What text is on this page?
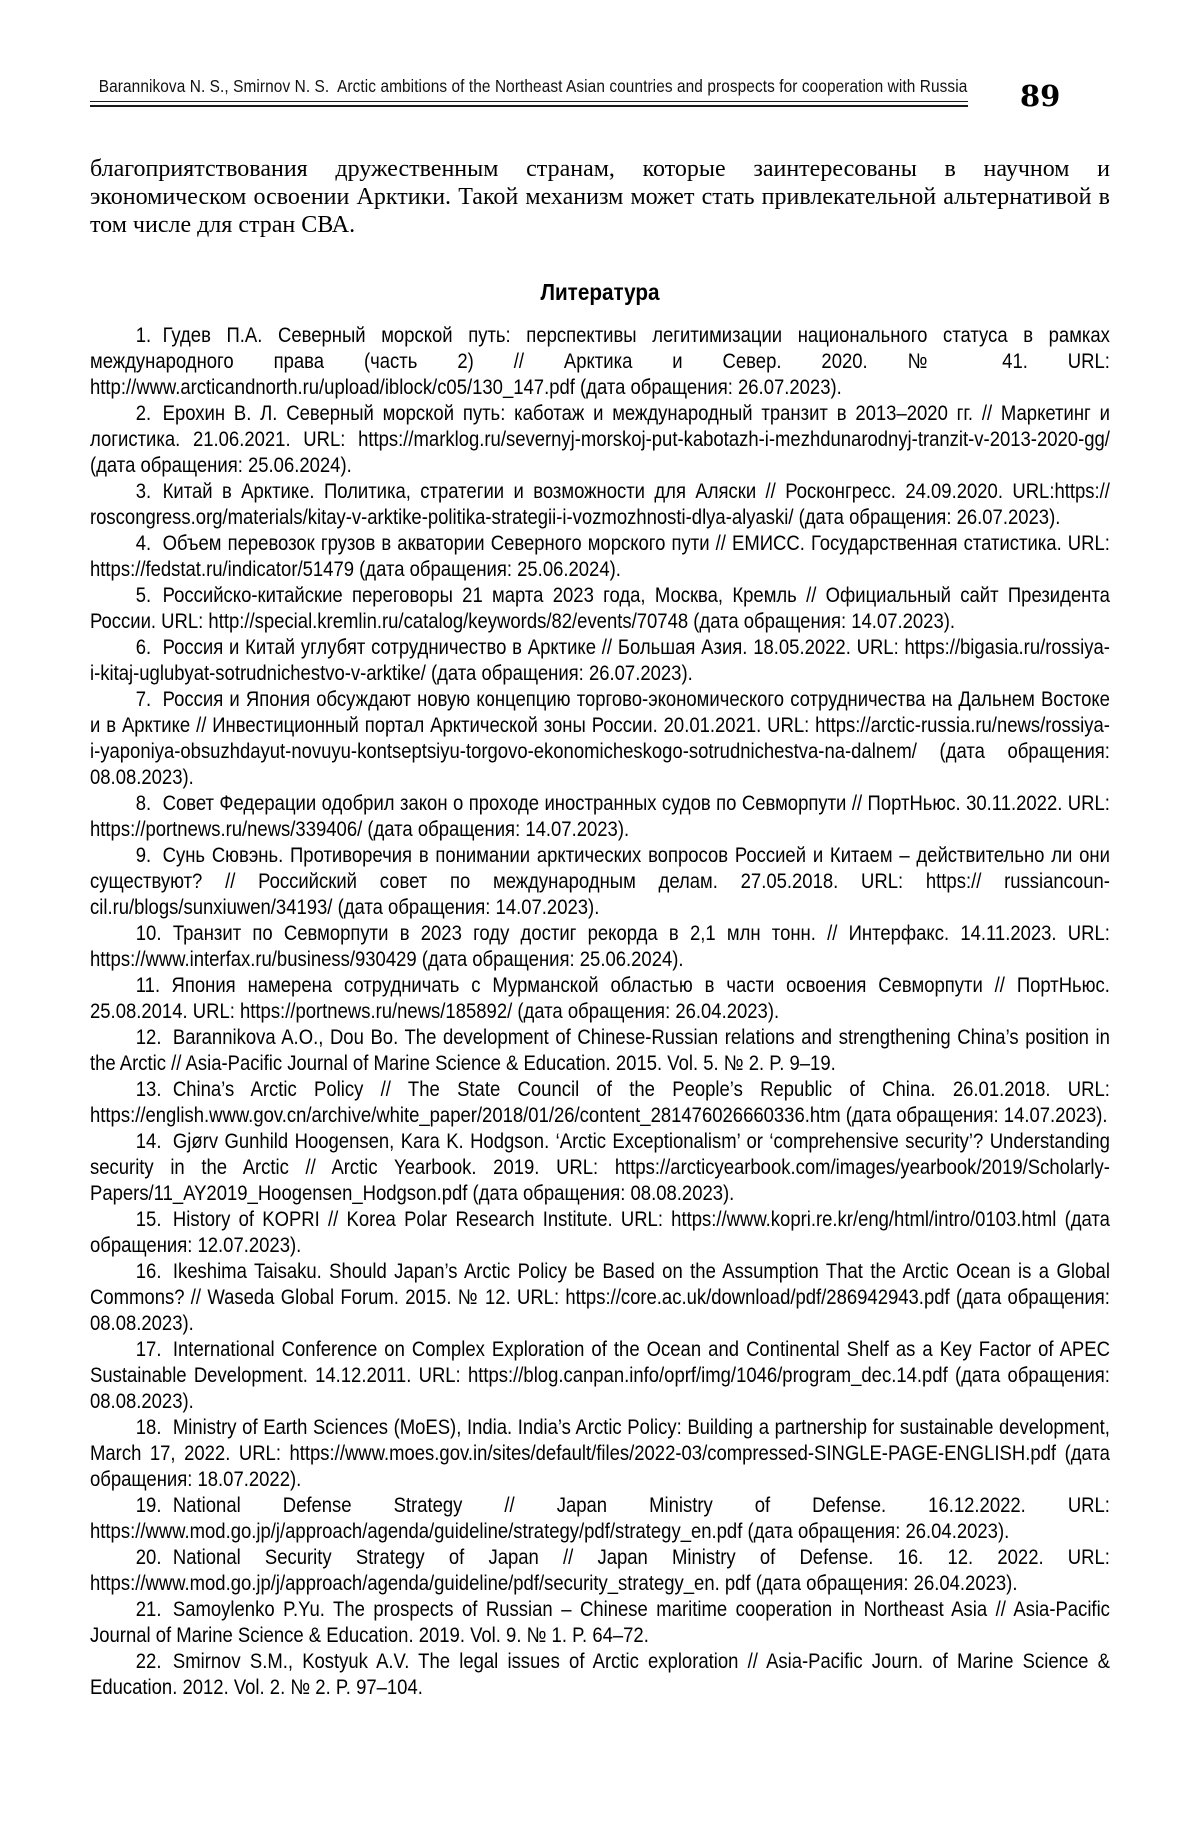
Barannikova N. S., Smirnov N. S. Arctic ambitions of the Northeast Asian countries and prospects for cooperation with Russia 89

благоприятствования дружественным странам, которые заинтересованы в научном и экономическом освоении Арктики. Такой механизм может стать привлекательной альтернативой в том числе для стран СВА.

Литература

1. Гудев П.А. Северный морской путь: перспективы легитимизации национального статуса в рамках международного права (часть 2) // Арктика и Север. 2020. № 41. URL: http://www.arcticandnorth.ru/upload/iblock/c05/130_147.pdf (дата обращения: 26.07.2023).

2. Ерохин В. Л. Северный морской путь: каботаж и международный транзит в 2013–2020 гг. // Маркетинг и логистика. 21.06.2021. URL: https://marklog.ru/severnyj-morskoj-put-kabotazh-i-mezhdunarodnyj-tranzit-v-2013-2020-gg/ (дата обращения: 25.06.2024).

3. Китай в Арктике. Политика, стратегии и возможности для Аляски // Росконгресс. 24.09.2020. URL:https:// roscongress.org/materials/kitay-v-arktike-politika-strategii-i-vozmozhnosti-dlya-alyaski/ (дата обращения: 26.07.2023).

4. Объем перевозок грузов в акватории Северного морского пути // ЕМИСС. Государственная статистика. URL: https://fedstat.ru/indicator/51479 (дата обращения: 25.06.2024).

5. Российско-китайские переговоры 21 марта 2023 года, Москва, Кремль // Официальный сайт Президента России. URL: http://special.kremlin.ru/catalog/keywords/82/events/70748 (дата обращения: 14.07.2023).

6. Россия и Китай углубят сотрудничество в Арктике // Большая Азия. 18.05.2022. URL: https://bigasia.ru/rossiya-i-kitaj-uglubyat-sotrudnichestvo-v-arktike/ (дата обращения: 26.07.2023).

7. Россия и Япония обсуждают новую концепцию торгово-экономического сотрудничества на Дальнем Востоке и в Арктике // Инвестиционный портал Арктической зоны России. 20.01.2021. URL: https://arctic-russia.ru/news/rossiya-i-yaponiya-obsuzhdayut-novuyu-kontseptsiyu-torgovo-ekonomicheskogo-sotrudnichestva-na-dalnem/ (дата обращения: 08.08.2023).

8. Совет Федерации одобрил закон о проходе иностранных судов по Севморпути // ПортНьюс. 30.11.2022. URL: https://portnews.ru/news/339406/ (дата обращения: 14.07.2023).

9. Сунь Сювэнь. Противоречия в понимании арктических вопросов Россией и Китаем – действительно ли они существуют? // Российский совет по международным делам. 27.05.2018. URL: https:// russiancoun-cil.ru/blogs/sunxiuwen/34193/ (дата обращения: 14.07.2023).

10. Транзит по Севморпути в 2023 году достиг рекорда в 2,1 млн тонн. // Интерфакс. 14.11.2023. URL: https://www.interfax.ru/business/930429 (дата обращения: 25.06.2024).

11. Япония намерена сотрудничать с Мурманской областью в части освоения Севморпути // ПортНьюс. 25.08.2014. URL: https://portnews.ru/news/185892/ (дата обращения: 26.04.2023).

12. Barannikova A.O., Dou Bo. The development of Chinese-Russian relations and strengthening China’s position in the Arctic // Asia-Pacific Journal of Marine Science & Education. 2015. Vol. 5. № 2. P. 9–19.

13. China’s Arctic Policy // The State Council of the People’s Republic of China. 26.01.2018. URL: https://english.www.gov.cn/archive/white_paper/2018/01/26/content_281476026660336.htm (дата обращения: 14.07.2023).

14. Gjørv Gunhild Hoogensen, Kara K. Hodgson. ‘Arctic Exceptionalism’ or ‘comprehensive security’? Understanding security in the Arctic // Arctic Yearbook. 2019. URL: https://arcticyearbook.com/images/yearbook/2019/Scholarly-Papers/11_AY2019_Hoogensen_Hodgson.pdf (дата обращения: 08.08.2023).

15. History of KOPRI // Korea Polar Research Institute. URL: https://www.kopri.re.kr/eng/html/intro/0103.html (дата обращения: 12.07.2023).

16. Ikeshima Taisaku. Should Japan’s Arctic Policy be Based on the Assumption That the Arctic Ocean is a Global Commons? // Waseda Global Forum. 2015. № 12. URL: https://core.ac.uk/download/pdf/286942943.pdf (дата обращения: 08.08.2023).

17. International Conference on Complex Exploration of the Ocean and Continental Shelf as a Key Factor of APEC Sustainable Development. 14.12.2011. URL: https://blog.canpan.info/oprf/img/1046/program_dec.14.pdf (дата обращения: 08.08.2023).

18. Ministry of Earth Sciences (MoES), India. India’s Arctic Policy: Building a partnership for sustainable development, March 17, 2022. URL: https://www.moes.gov.in/sites/default/files/2022-03/compressed-SINGLE-PAGE-ENGLISH.pdf (дата обращения: 18.07.2022).

19. National Defense Strategy // Japan Ministry of Defense. 16.12.2022. URL: https://www.mod.go.jp/j/approach/agenda/guideline/strategy/pdf/strategy_en.pdf (дата обращения: 26.04.2023).

20. National Security Strategy of Japan // Japan Ministry of Defense. 16. 12. 2022. URL: https://www.mod.go.jp/j/approach/agenda/guideline/pdf/security_strategy_en. pdf (дата обращения: 26.04.2023).

21. Samoylenko P.Yu. The prospects of Russian – Chinese maritime cooperation in Northeast Asia // Asia-Pacific Journal of Marine Science & Education. 2019. Vol. 9. № 1. P. 64–72.

22. Smirnov S.M., Kostyuk A.V. The legal issues of Arctic exploration // Asia-Pacific Journ. of Marine Science & Education. 2012. Vol. 2. № 2. P. 97–104.
